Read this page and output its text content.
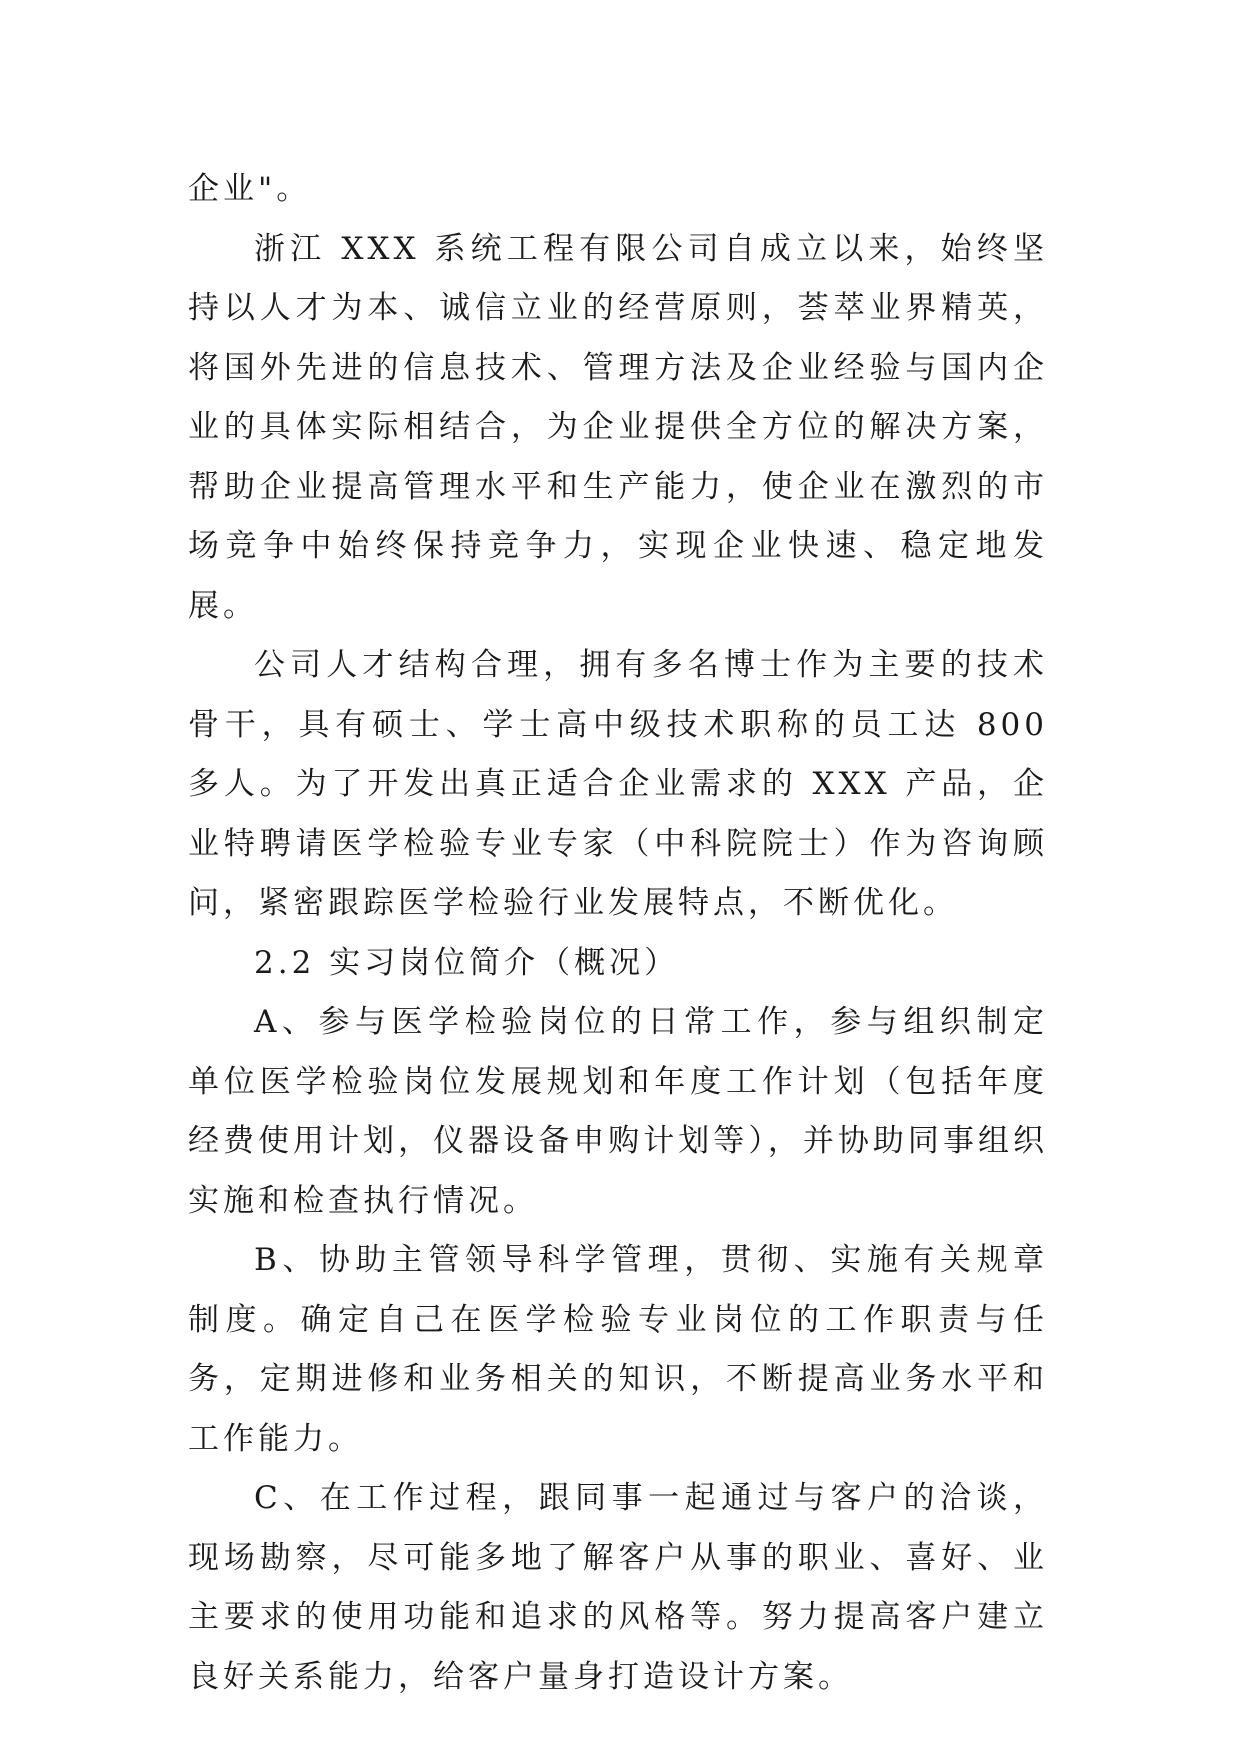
企业"。

浙江 XXX 系统工程有限公司自成立以来，始终坚持以人才为本、诚信立业的经营原则，荟萃业界精英，将国外先进的信息技术、管理方法及企业经验与国内企业的具体实际相结合，为企业提供全方位的解决方案，帮助企业提高管理水平和生产能力，使企业在激烈的市场竞争中始终保持竞争力，实现企业快速、稳定地发展。

公司人才结构合理，拥有多名博士作为主要的技术骨干，具有硕士、学士高中级技术职称的员工达 800 多人。为了开发出真正适合企业需求的 XXX 产品，企业特聘请医学检验专业专家（中科院院士）作为咨询顾问，紧密跟踪医学检验行业发展特点，不断优化。

2.2 实习岗位简介（概况）

A、参与医学检验岗位的日常工作，参与组织制定单位医学检验岗位发展规划和年度工作计划（包括年度经费使用计划，仪器设备申购计划等），并协助同事组织实施和检查执行情况。

B、协助主管领导科学管理，贯彻、实施有关规章制度。确定自己在医学检验专业岗位的工作职责与任务，定期进修和业务相关的知识，不断提高业务水平和工作能力。

C、在工作过程，跟同事一起通过与客户的洽谈，现场勘察，尽可能多地了解客户从事的职业、喜好、业主要求的使用功能和追求的风格等。努力提高客户建立良好关系能力，给客户量身打造设计方案。
